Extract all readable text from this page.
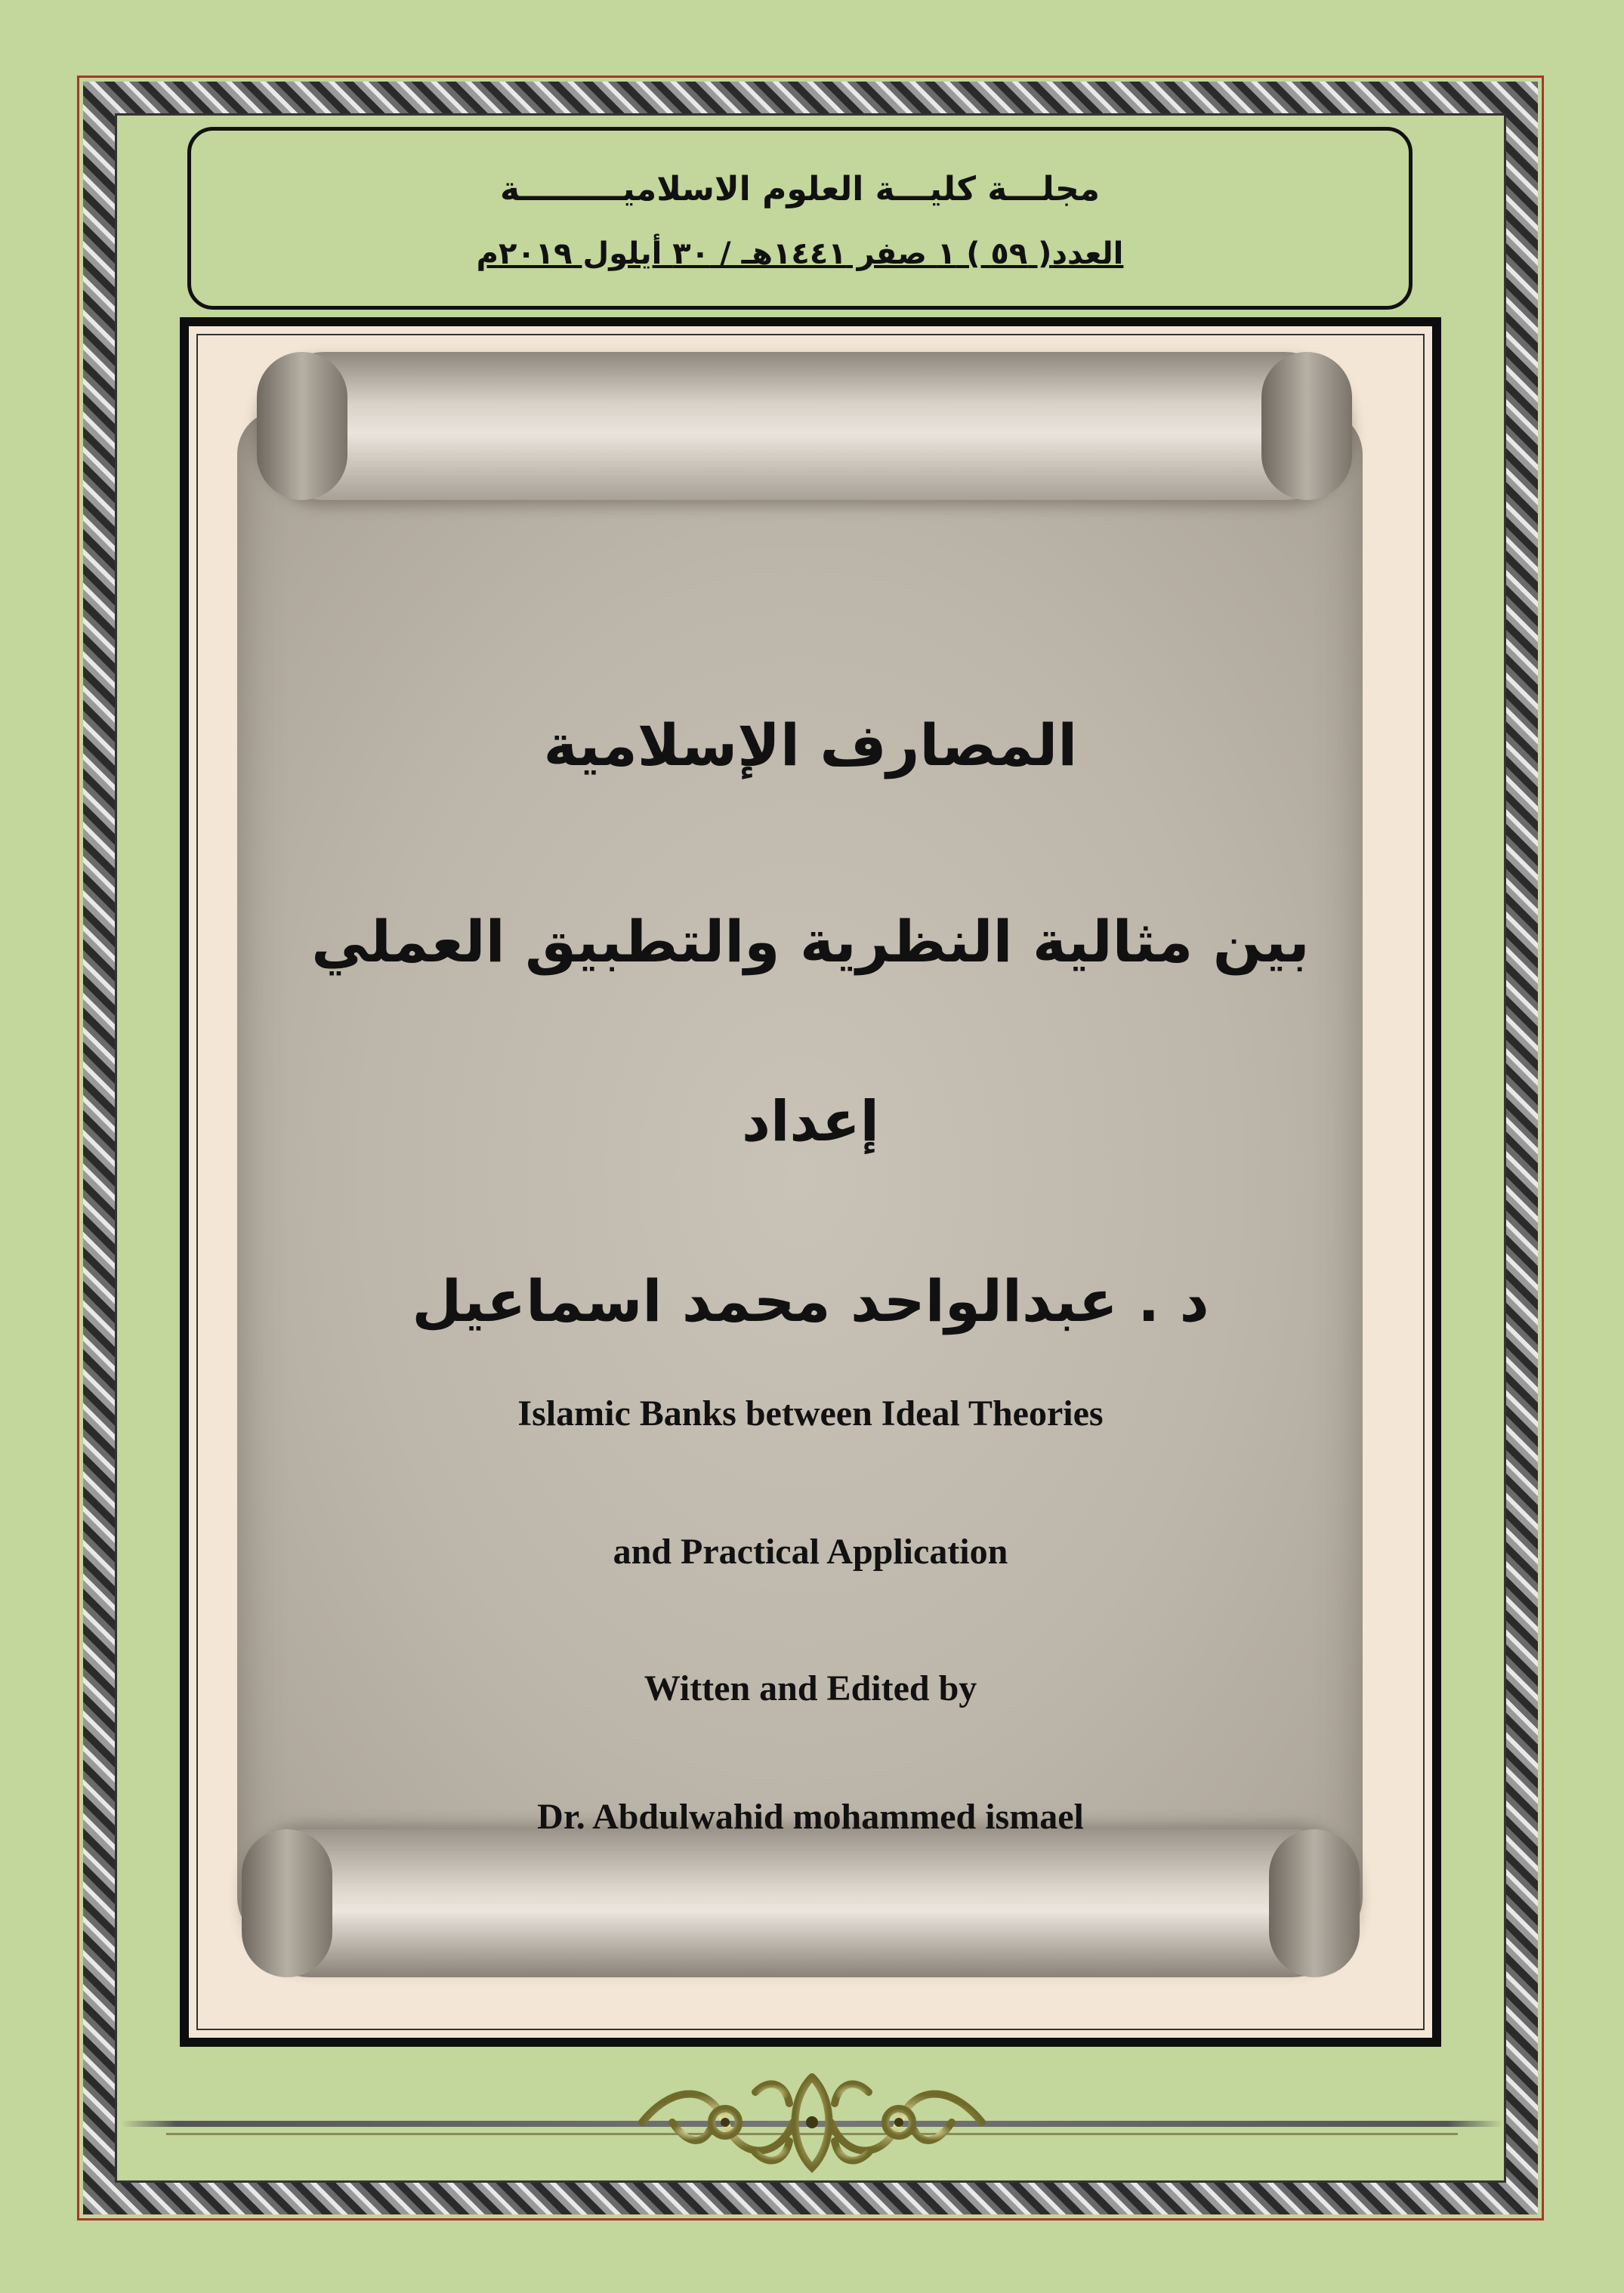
مجلـــة كليـــة العلوم الاسلاميـــــــــة
العدد( ٥٩ ) ١ صفر ١٤٤١هـ / ٣٠ أيلول ٢٠١٩م
المصارف الإسلامية
بين مثالية النظرية والتطبيق العملي
إعداد
د . عبدالواحد محمد اسماعيل
Islamic Banks between Ideal Theories
and Practical Application
Witten and Edited by
Dr. Abdulwahid mohammed ismael
